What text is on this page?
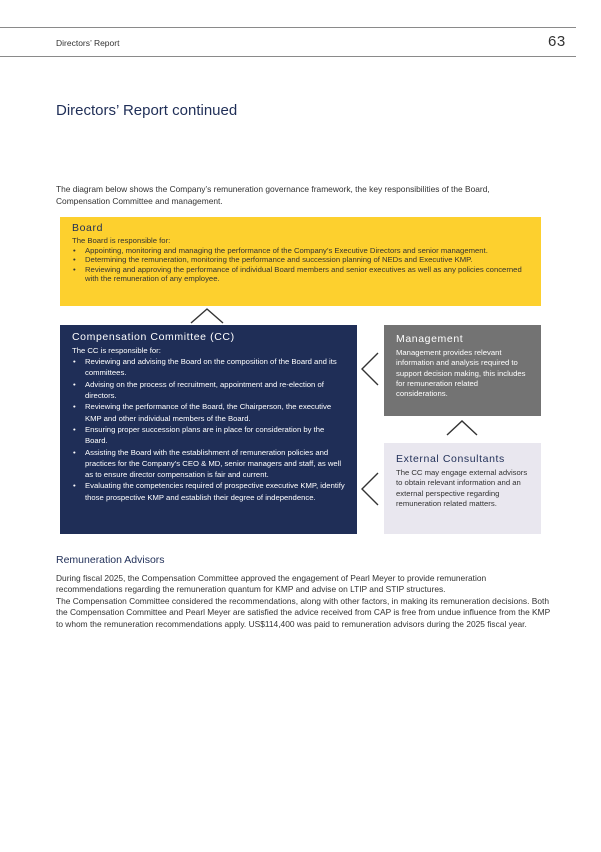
Directors’ Report	63
Directors’ Report continued
The diagram below shows the Company’s remuneration governance framework, the key responsibilities of the Board, Compensation Committee and management.
Board

The Board is responsible for:

• Appointing, monitoring and managing the performance of the Company’s Executive Directors and senior management.
• Determining the remuneration, monitoring the performance and succession planning of NEDs and Executive KMP.
• Reviewing and approving the performance of individual Board members and senior executives as well as any policies concerned with the remuneration of any employee.
Compensation Committee (CC)

The CC is responsible for:

• Reviewing and advising the Board on the composition of the Board and its committees.
• Advising on the process of recruitment, appointment and re-election of directors.
• Reviewing the performance of the Board, the Chairperson, the executive KMP and other individual members of the Board.
• Ensuring proper succession plans are in place for consideration by the Board.
• Assisting the Board with the establishment of remuneration policies and practices for the Company’s CEO & MD, senior managers and staff, as well as to ensure director compensation is fair and current.
• Evaluating the competencies required of prospective executive KMP, identify those prospective KMP and establish their degree of independence.
Management

Management provides relevant information and analysis required to support decision making, this includes for remuneration related considerations.

External Consultants

The CC may engage external advisors to obtain relevant information and an external perspective regarding remuneration related matters.

Remuneration Advisors

During fiscal 2025, the Compensation Committee approved the engagement of Pearl Meyer to provide remuneration recommendations regarding the remuneration quantum for KMP and advise on LTIP and STIP structures.

The Compensation Committee considered the recommendations, along with other factors, in making its remuneration decisions. Both the Compensation Committee and Pearl Meyer are satisfied the advice received from CAP is free from undue influence from the KMP to whom the remuneration recommendations apply. US$114,400 was paid to remuneration advisors during the 2025 fiscal year.
